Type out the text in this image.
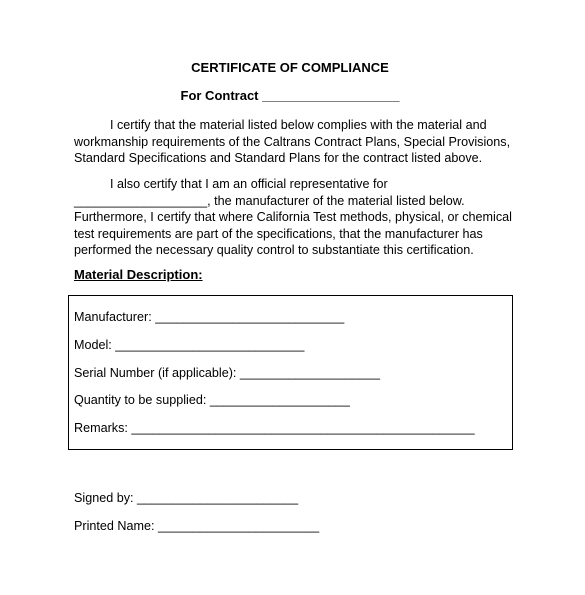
CERTIFICATE OF COMPLIANCE
For Contract ___________________

I certify that the material listed below complies with the material and workmanship requirements of the Caltrans Contract Plans, Special Provisions, Standard Specifications and Standard Plans for the contract listed above.

I also certify that I am an official representative for ___________________, the manufacturer of the material listed below. Furthermore, I certify that where California Test methods, physical, or chemical test requirements are part of the specifications, that the manufacturer has performed the necessary quality control to substantiate this certification.

Material Description:
Manufacturer: ___________________________
Model: ___________________________
Serial Number (if applicable): ____________________
Quantity to be supplied: ____________________
Remarks: _________________________________________________
Signed by: _______________________
Printed Name: _______________________
